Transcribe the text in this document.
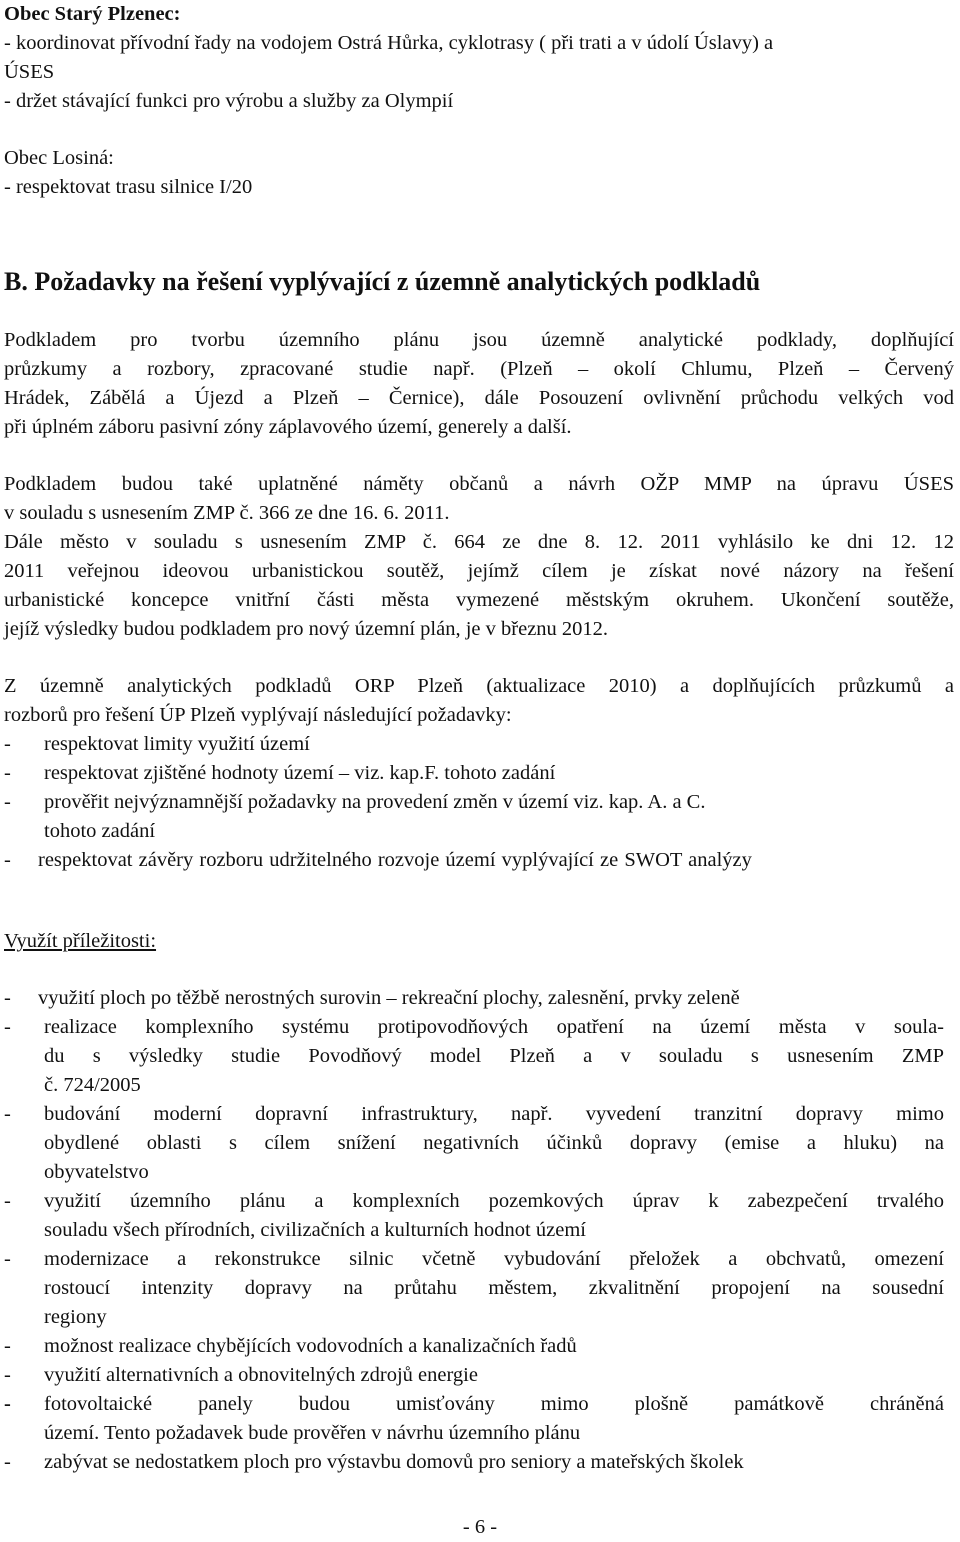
Obec Starý Plzenec:
- koordinovat přívodní řady na vodojem Ostrá Hůrka, cyklotrasy ( při trati a v údolí Úslavy) a
ÚSES
- držet stávající funkci pro výrobu a služby za Olympií
Obec Losiná:
- respektovat trasu silnice I/20
B. Požadavky na řešení vyplývající z územně analytických podkladů
Podkladem pro tvorbu územního plánu jsou územně analytické podklady, doplňující
průzkumy a rozbory, zpracované studie např. (Plzeň – okolí Chlumu, Plzeň – Červený
Hrádek, Zábělá a Újezd a Plzeň – Černice), dále Posouzení ovlivnění průchodu velkých vod
při úplném záboru pasivní zóny záplavového území, generely a další.
Podkladem budou také uplatněné náměty občanů a návrh OŽP MMP na úpravu ÚSES
v souladu s usnesením ZMP č. 366 ze dne 16. 6. 2011.
Dále město v souladu s usnesením ZMP č. 664 ze dne 8. 12. 2011 vyhlásilo ke dni 12. 12
2011 veřejnou ideovou urbanistickou soutěž, jejímž cílem je získat nové názory na řešení
urbanistické koncepce vnitřní části města vymezené městským okruhem. Ukončení soutěže,
jejíž výsledky budou podkladem pro nový územní plán, je v březnu 2012.
Z územně analytických podkladů ORP Plzeň (aktualizace 2010) a doplňujících průzkumů a
rozborů pro řešení ÚP Plzeň vyplývají následující požadavky:
-	respektovat limity využití území
-	respektovat zjištěné hodnoty území – viz. kap.F. tohoto zadání
-	prověřit nejvýznamnější požadavky na provedení změn v území viz. kap. A. a C.
tohoto zadání
-	respektovat závěry rozboru udržitelného rozvoje území vyplývající ze SWOT analýzy
Využít příležitosti:
-	využití ploch po těžbě nerostných surovin – rekreační plochy, zalesnění, prvky zeleně
-	realizace komplexního systému protipovodňových opatření na území města v soula-
du s výsledky studie Povodňový model Plzeň a v souladu s usnesením ZMP
č. 724/2005
-	budování moderní dopravní infrastruktury, např. vyvedení tranzitní dopravy mimo
obydlené oblasti s cílem snížení negativních účinků dopravy (emise a hluku) na
obyvatelstvo
-	využití územního plánu a komplexních pozemkových úprav k zabezpečení trvalého
souladu všech přírodních, civilizačních a kulturních hodnot území
-	modernizace a rekonstrukce silnic včetně vybudování přeložek a obchvatů, omezení
rostoucí intenzity dopravy na průtahu městem, zkvalitnění propojení na sousední
regiony
-	možnost realizace chybějících vodovodních a kanalizačních řadů
-	využití alternativních a obnovitelných zdrojů energie
-	fotovoltaické panely budou umisťovány mimo plošně památkově chráněná
území. Tento požadavek bude prověřen v návrhu územního plánu
-	zabývat se nedostatkem ploch pro výstavbu domovů pro seniory a mateřských školek
- 6 -
